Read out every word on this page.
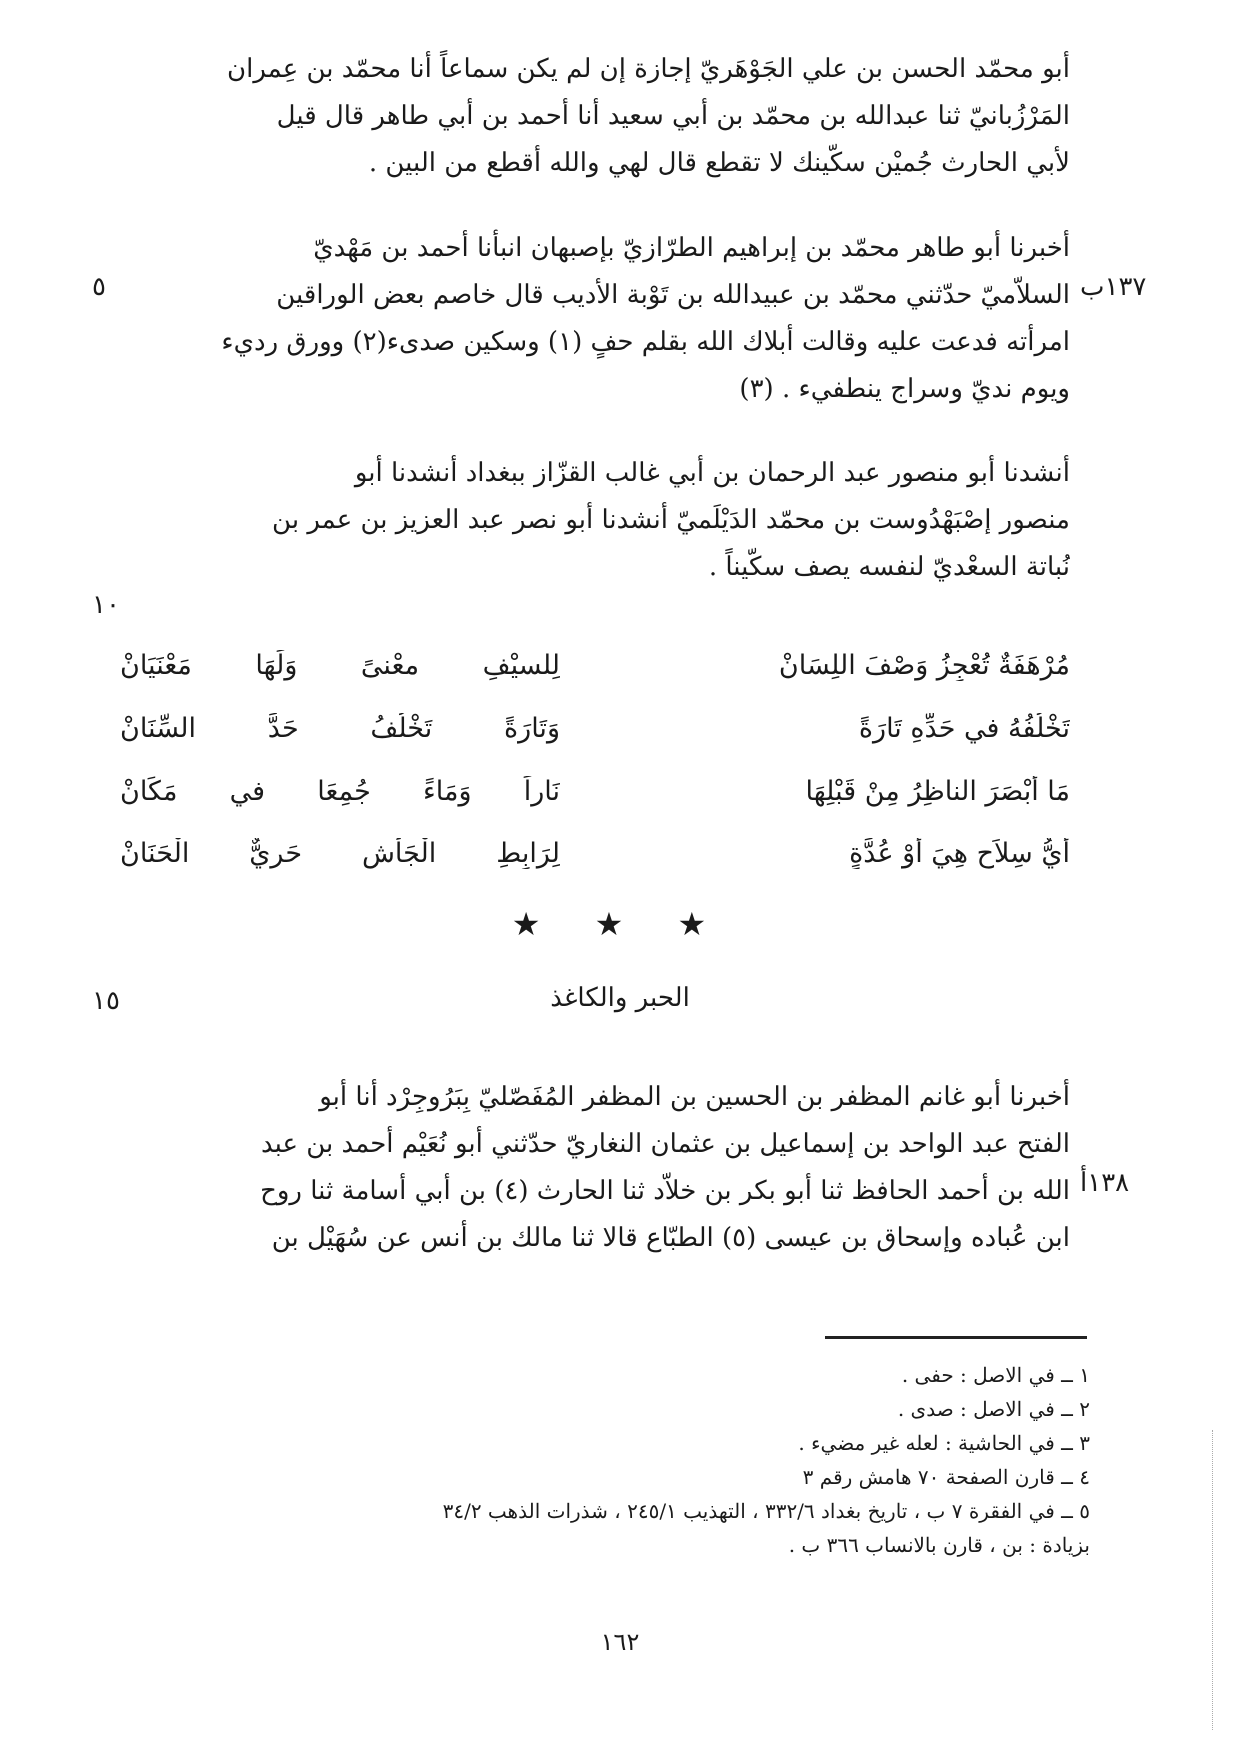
أبو محمّد الحسن بن علي الجَوْهَريّ إجازة إن لم يكن سماعاً أنا محمّد بن عِمران
المَرْزُبانيّ ثنا عبدالله بن محمّد بن أبي سعيد أنا أحمد بن أبي طاهر قال قيل
لأبي الحارث جُميْن سكّينك لا تقطع قال لهي والله أقطع من البين .
أخبرنا أبو طاهر محمّد بن إبراهيم الطرّازيّ بإصبهان انبأنا أحمد بن مَهْديّ
السلاّميّ حدّثني محمّد بن عبيدالله بن تَوْبة الأديب قال خاصم بعض الوراقين
امرأته فدعت عليه وقالت أبلاك الله بقلم حفٍ (١) وسكين صدىء(٢) وورق رديء
ويوم نديّ وسراج ينطفيء . (٣)
١٣٧ب
٥
أنشدنا أبو منصور عبد الرحمان بن أبي غالب القزّاز ببغداد أنشدنا أبو
منصور إصْبَهْدُوست بن محمّد الدَيْلَميّ أنشدنا أبو نصر عبد العزيز بن عمر بن
نُباتة السعْديّ لنفسه يصف سكّيناً .
١٠
مُرْهَفَةٌ تُعْجِزُ وَصْفَ اللِسَانْ
لِلسيْفِ معْنىً وَلَهَا مَعْنَيَانْ
تَخْلُفُهُ في حَدِّهِ تَارَةً
وَتَارَةً تَخْلُفُ حَدَّ السِّنَانْ
مَا أبْصَرَ الناظِرُ مِنْ قَبْلِهَا
نَاراً وَمَاءً جُمِعَا في مَكَانْ
أيُّ سِلاَحٍ هِيَ أوْ عُدَّةٍ
لِرَابِطِ الْجَأْشِ حَرِيٌّ الْحَنَانْ
★ ★ ★
الحبر والكاغذ
١٥
أخبرنا أبو غانم المظفر بن الحسين بن المظفر المُفَصّليّ بِبَرُوجِرْد أنا أبو
الفتح عبد الواحد بن إسماعيل بن عثمان النغاريّ حدّثني أبو نُعَيْم أحمد بن عبد
الله بن أحمد الحافظ ثنا أبو بكر بن خلاّد ثنا الحارث (٤) بن أبي أسامة ثنا روح
ابن عُباده وإسحاق بن عيسى (٥) الطبّاع قالا ثنا مالك بن أنس عن سُهَيْل بن
١٣٨أ
١ ــ في الاصل : حفى .
٢ ــ في الاصل : صدى .
٣ ــ في الحاشية : لعله غير مضيء .
٤ ــ قارن الصفحة ٧٠ هامش رقم ٣
٥ ــ في الفقرة ٧ ب ، تاريخ بغداد ٣٣٢/٦ ، التهذيب ٢٤٥/١ ، شذرات الذهب ٣٤/٢
بزيادة : بن ، قارن بالانساب ٣٦٦ ب .
١٦٢
